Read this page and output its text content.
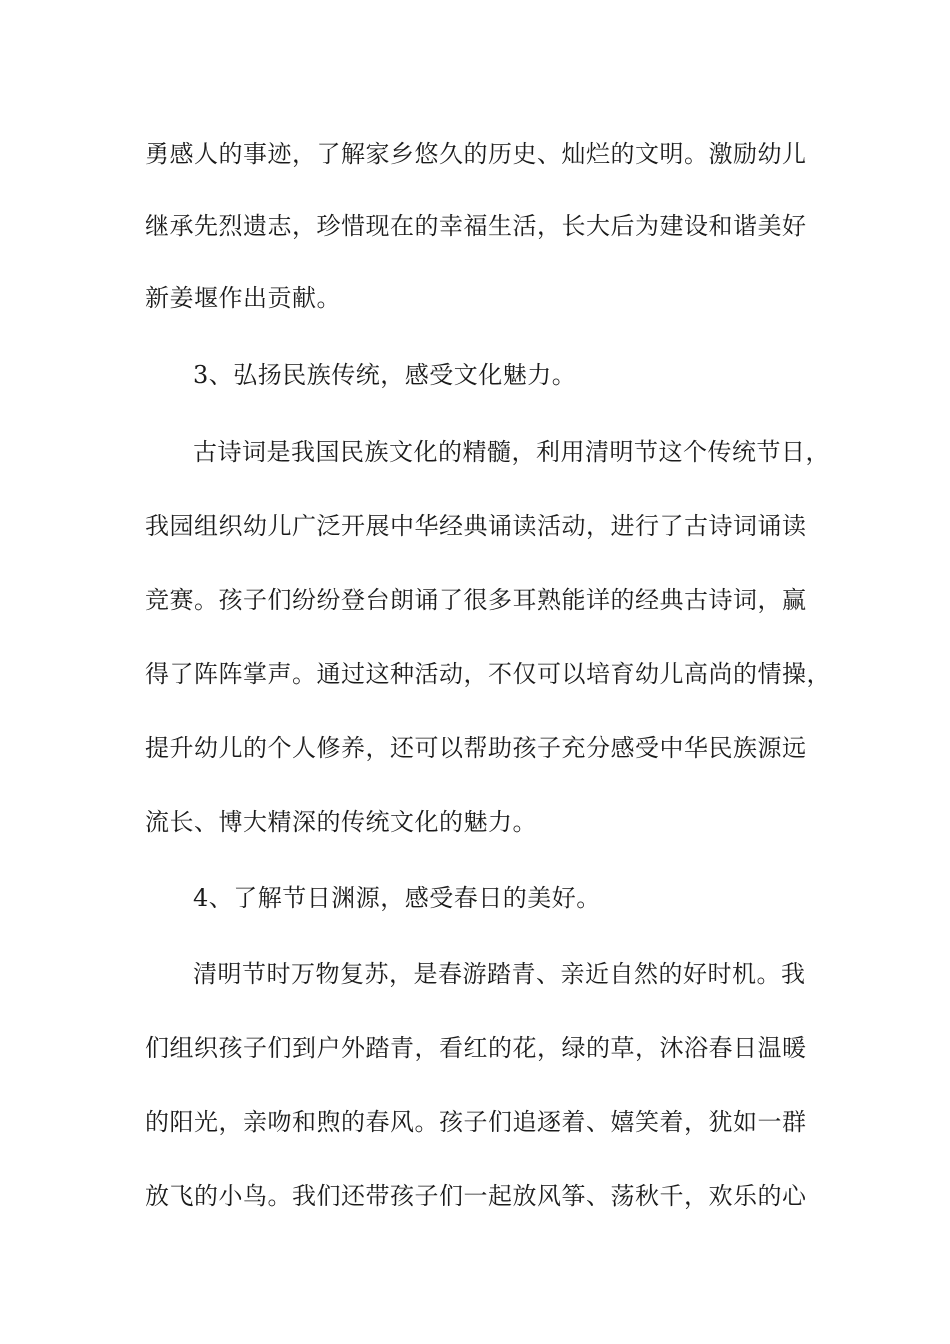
勇感人的事迹，了解家乡悠久的历史、灿烂的文明。激励幼儿
继承先烈遗志，珍惜现在的幸福生活，长大后为建设和谐美好
新姜堰作出贡献。
3、弘扬民族传统，感受文化魅力。
古诗词是我国民族文化的精髓，利用清明节这个传统节日，
我园组织幼儿广泛开展中华经典诵读活动，进行了古诗词诵读
竞赛。孩子们纷纷登台朗诵了很多耳熟能详的经典古诗词，赢
得了阵阵掌声。通过这种活动，不仅可以培育幼儿高尚的情操，
提升幼儿的个人修养，还可以帮助孩子充分感受中华民族源远
流长、博大精深的传统文化的魅力。
4、了解节日渊源，感受春日的美好。
清明节时万物复苏，是春游踏青、亲近自然的好时机。我
们组织孩子们到户外踏青，看红的花，绿的草，沐浴春日温暖
的阳光，亲吻和煦的春风。孩子们追逐着、嬉笑着，犹如一群
放飞的小鸟。我们还带孩子们一起放风筝、荡秋千，欢乐的心
